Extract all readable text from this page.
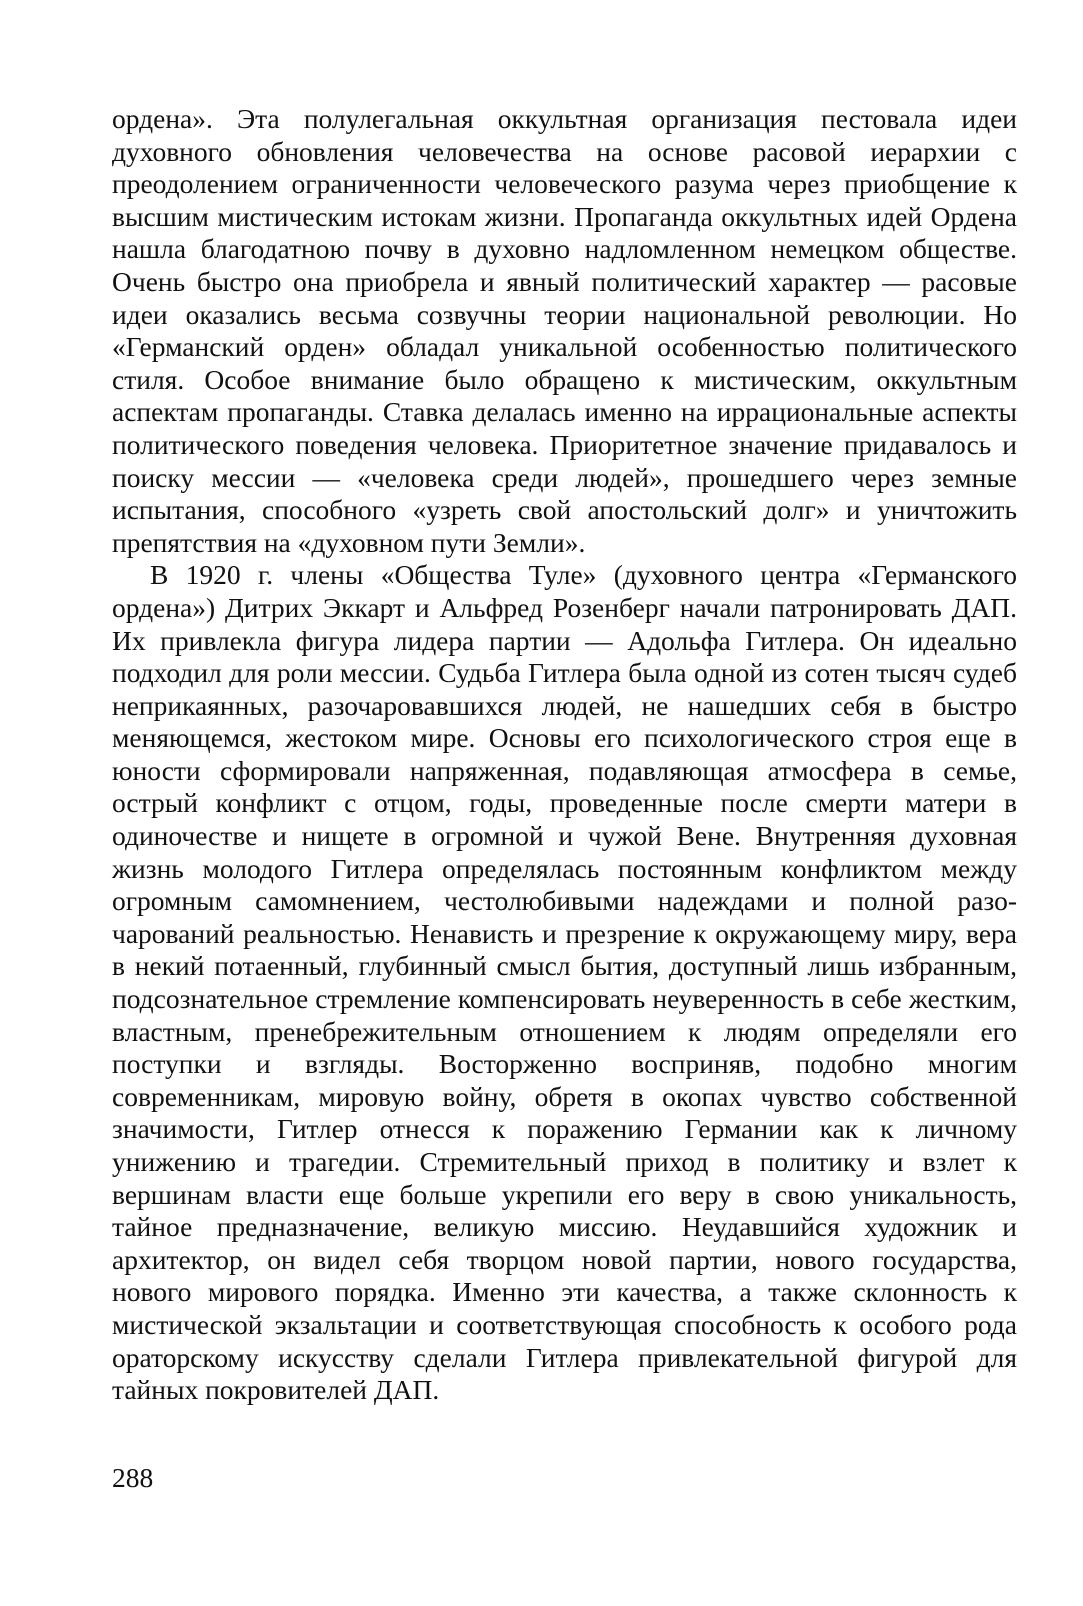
ордена». Эта полулегальная оккультная организация пестовала идеи духовного обновления человечества на основе расовой иерархии с преодолением ограниченности человеческого разума через приобщение к высшим мистическим истокам жизни. Пропаганда оккультных идей Ордена нашла благодатною почву в духовно надломленном немецком обществе. Очень быстро она приобрела и явный политический характер — расовые идеи оказались весьма созвучны теории национальной революции. Но «Германский орден» обладал уникальной особенностью политического стиля. Особое внимание было обращено к мистическим, оккультным аспектам пропаганды. Ставка делалась именно на иррациональные аспекты политического поведения человека. Приоритетное значение придавалось и поиску мессии — «человека среди людей», прошедшего через земные испытания, способного «узреть свой апостольский долг» и уничтожить препятствия на «духовном пути Земли».

В 1920 г. члены «Общества Туле» (духовного центра «Германского ордена») Дитрих Эккарт и Альфред Розенберг начали патронировать ДАП. Их привлекла фигура лидера партии — Адольфа Гитлера. Он идеально подходил для роли мессии. Судьба Гитлера была одной из сотен тысяч судеб неприкаянных, разочаровавшихся людей, не нашедших себя в быстро меняющемся, жестоком мире. Основы его психологического строя еще в юности сформировали напряженная, подавляющая атмосфера в семье, острый конфликт с отцом, годы, проведенные после смерти матери в одиночестве и нищете в огромной и чужой Вене. Внутренняя духовная жизнь молодого Гитлера определялась постоянным конфликтом между огромным самомнением, честолюбивыми надеждами и полной разочарований реальностью. Ненависть и презрение к окружающему миру, вера в некий потаенный, глубинный смысл бытия, доступный лишь избранным, подсознательное стремление компенсировать неуверенность в себе жестким, властным, пренебрежительным отношением к людям определяли его поступки и взгляды. Восторженно восприняв, подобно многим современникам, мировую войну, обретя в окопах чувство собственной значимости, Гитлер отнесся к поражению Германии как к личному унижению и трагедии. Стремительный приход в политику и взлет к вершинам власти еще больше укрепили его веру в свою уникальность, тайное предназначение, великую миссию. Неудавшийся художник и архитектор, он видел себя творцом новой партии, нового государства, нового мирового порядка. Именно эти качества, а также склонность к мистической экзальтации и соответствующая способность к особого рода ораторскому искусству сделали Гитлера привлекательной фигурой для тайных покровителей ДАП.

288
